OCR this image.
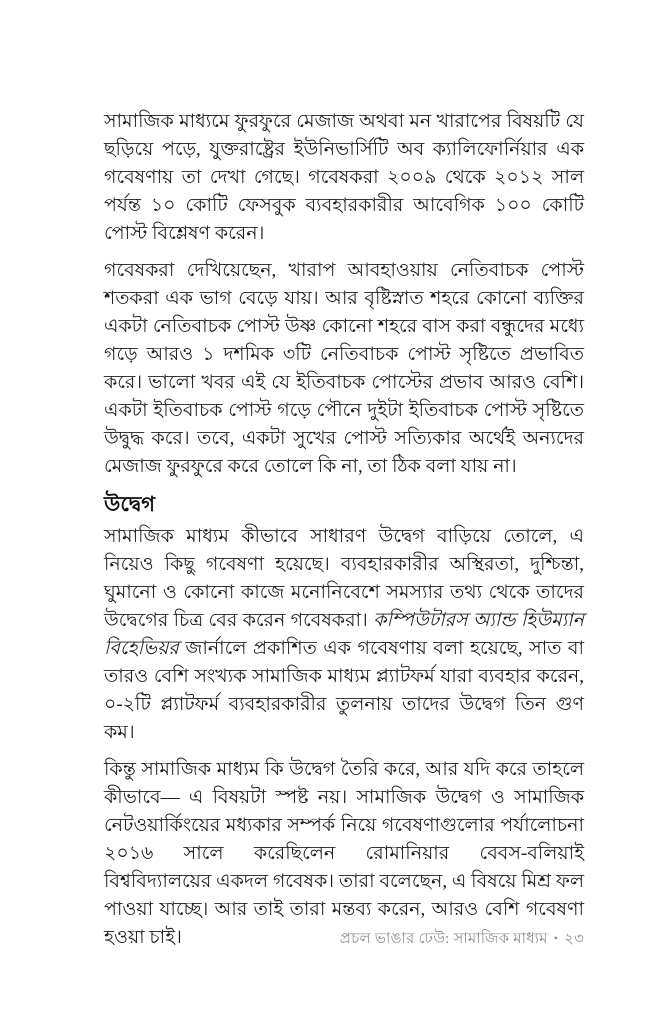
সামাজিক মাধ্যমে ফুরফুরে মেজাজ অথবা মন খারাপের বিষয়টি যে ছড়িয়ে পড়ে, যুক্তরাষ্ট্রের ইউনিভার্সিটি অব ক্যালিফোর্নিয়ার এক গবেষণায় তা দেখা গেছে। গবেষকরা ২০০৯ থেকে ২০১২ সাল পর্যন্ত ১০ কোটি ফেসবুক ব্যবহারকারীর আবেগিক ১০০ কোটি পোস্ট বিশ্লেষণ করেন।

গবেষকরা দেখিয়েছেন, খারাপ আবহাওয়ায় নেতিবাচক পোস্ট শতকরা এক ভাগ বেড়ে যায়। আর বৃষ্টিস্নাত শহরে কোনো ব্যক্তির একটা নেতিবাচক পোস্ট উষ্ণ কোনো শহরে বাস করা বন্ধুদের মধ্যে গড়ে আরও ১ দশমিক ৩টি নেতিবাচক পোস্ট সৃষ্টিতে প্রভাবিত করে। ভালো খবর এই যে ইতিবাচক পোস্টের প্রভাব আরও বেশি। একটা ইতিবাচক পোস্ট গড়ে পৌনে দুইটা ইতিবাচক পোস্ট সৃষ্টিতে উদ্বুদ্ধ করে। তবে, একটা সুখের পোস্ট সত্যিকার অর্থেই অন্যদের মেজাজ ফুরফুরে করে তোলে কি না, তা ঠিক বলা যায় না।

উদ্বেগ

সামাজিক মাধ্যম কীভাবে সাধারণ উদ্বেগ বাড়িয়ে তোলে, এ নিয়েও কিছু গবেষণা হয়েছে। ব্যবহারকারীর অস্থিরতা, দুশ্চিন্তা, ঘুমানো ও কোনো কাজে মনোনিবেশে সমস্যার তথ্য থেকে তাদের উদ্বেগের চিত্র বের করেন গবেষকরা। কম্পিউটারস অ্যান্ড হিউম্যান বিহেভিয়র জার্নালে প্রকাশিত এক গবেষণায় বলা হয়েছে, সাত বা তারও বেশি সংখ্যক সামাজিক মাধ্যম প্ল্যাটফর্ম যারা ব্যবহার করেন, ০-২টি প্ল্যাটফর্ম ব্যবহারকারীর তুলনায় তাদের উদ্বেগ তিন গুণ কম।

কিন্তু সামাজিক মাধ্যম কি উদ্বেগ তৈরি করে, আর যদি করে তাহলে কীভাবে— এ বিষয়টা স্পষ্ট নয়। সামাজিক উদ্বেগ ও সামাজিক নেটওয়ার্কিংয়ের মধ্যকার সম্পর্ক নিয়ে গবেষণাগুলোর পর্যালোচনা ২০১৬ সালে করেছিলেন রোমানিয়ার বেবস-বলিয়াই বিশ্ববিদ্যালয়ের একদল গবেষক। তারা বলেছেন, এ বিষয়ে মিশ্র ফল পাওয়া যাচ্ছে। আর তাই তারা মন্তব্য করেন, আরও বেশি গবেষণা হওয়া চাই।	প্রচল ভাঙার ঢেউ: সামাজিক মাধ্যম • ২৩
